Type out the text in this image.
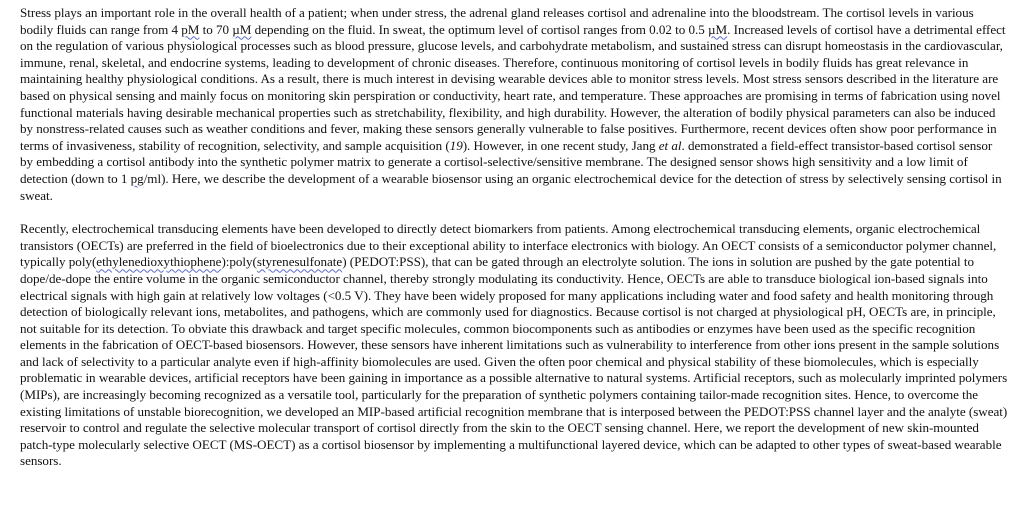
Stress plays an important role in the overall health of a patient; when under stress, the adrenal gland releases cortisol and adrenaline into the bloodstream. The cortisol levels in various bodily fluids can range from 4 pM to 70 µM depending on the fluid. In sweat, the optimum level of cortisol ranges from 0.02 to 0.5 µM. Increased levels of cortisol have a detrimental effect on the regulation of various physiological processes such as blood pressure, glucose levels, and carbohydrate metabolism, and sustained stress can disrupt homeostasis in the cardiovascular, immune, renal, skeletal, and endocrine systems, leading to development of chronic diseases. Therefore, continuous monitoring of cortisol levels in bodily fluids has great relevance in maintaining healthy physiological conditions. As a result, there is much interest in devising wearable devices able to monitor stress levels. Most stress sensors described in the literature are based on physical sensing and mainly focus on monitoring skin perspiration or conductivity, heart rate, and temperature. These approaches are promising in terms of fabrication using novel functional materials having desirable mechanical properties such as stretchability, flexibility, and high durability. However, the alteration of bodily physical parameters can also be induced by nonstress-related causes such as weather conditions and fever, making these sensors generally vulnerable to false positives. Furthermore, recent devices often show poor performance in terms of invasiveness, stability of recognition, selectivity, and sample acquisition (19). However, in one recent study, Jang et al. demonstrated a field-effect transistor-based cortisol sensor by embedding a cortisol antibody into the synthetic polymer matrix to generate a cortisol-selective/sensitive membrane. The designed sensor shows high sensitivity and a low limit of detection (down to 1 pg/ml). Here, we describe the development of a wearable biosensor using an organic electrochemical device for the detection of stress by selectively sensing cortisol in sweat.

Recently, electrochemical transducing elements have been developed to directly detect biomarkers from patients. Among electrochemical transducing elements, organic electrochemical transistors (OECTs) are preferred in the field of bioelectronics due to their exceptional ability to interface electronics with biology. An OECT consists of a semiconductor polymer channel, typically poly(ethylenedioxythiophene):poly(styrenesulfonate) (PEDOT:PSS), that can be gated through an electrolyte solution. The ions in solution are pushed by the gate potential to dope/de-dope the entire volume in the organic semiconductor channel, thereby strongly modulating its conductivity. Hence, OECTs are able to transduce biological ion-based signals into electrical signals with high gain at relatively low voltages (<0.5 V). They have been widely proposed for many applications including water and food safety and health monitoring through detection of biologically relevant ions, metabolites, and pathogens, which are commonly used for diagnostics. Because cortisol is not charged at physiological pH, OECTs are, in principle, not suitable for its detection. To obviate this drawback and target specific molecules, common biocomponents such as antibodies or enzymes have been used as the specific recognition elements in the fabrication of OECT-based biosensors. However, these sensors have inherent limitations such as vulnerability to interference from other ions present in the sample solutions and lack of selectivity to a particular analyte even if high-affinity biomolecules are used. Given the often poor chemical and physical stability of these biomolecules, which is especially problematic in wearable devices, artificial receptors have been gaining in importance as a possible alternative to natural systems. Artificial receptors, such as molecularly imprinted polymers (MIPs), are increasingly becoming recognized as a versatile tool, particularly for the preparation of synthetic polymers containing tailor-made recognition sites. Hence, to overcome the existing limitations of unstable biorecognition, we developed an MIP-based artificial recognition membrane that is interposed between the PEDOT:PSS channel layer and the analyte (sweat) reservoir to control and regulate the selective molecular transport of cortisol directly from the skin to the OECT sensing channel. Here, we report the development of new skin-mounted patch-type molecularly selective OECT (MS-OECT) as a cortisol biosensor by implementing a multifunctional layered device, which can be adapted to other types of sweat-based wearable sensors.
